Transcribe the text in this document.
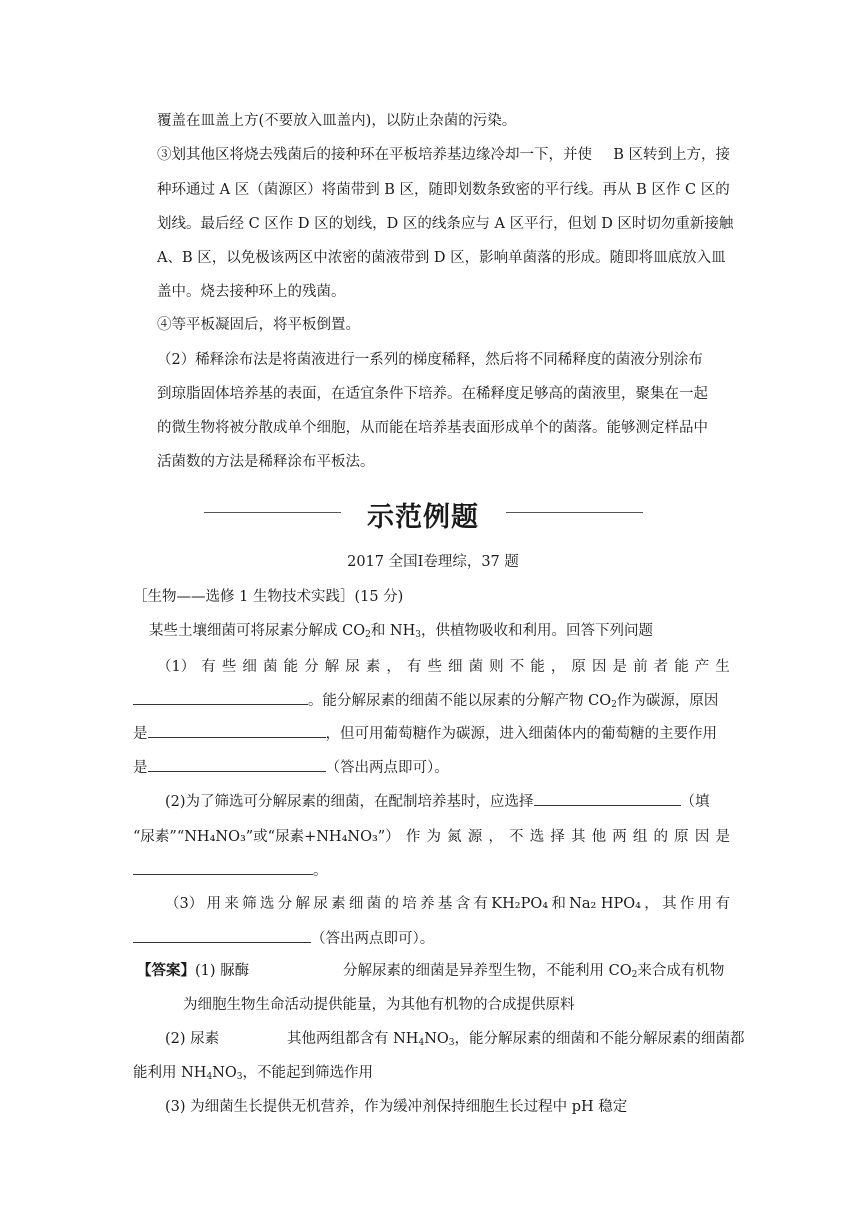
覆盖在皿盖上方(不要放入皿盖内)，以防止杂菌的污染。
③划其他区将烧去残菌后的接种环在平板培养基边缘冷却一下，并使 B 区转到上方，接
种环通过 A 区（菌源区）将菌带到 B 区，随即划数条致密的平行线。再从 B 区作 C 区的
划线。最后经 C 区作 D 区的划线，D 区的线条应与 A 区平行，但划 D 区时切勿重新接触
A、B 区，以免极该两区中浓密的菌液带到 D 区，影响单菌落的形成。随即将皿底放入皿
盖中。烧去接种环上的残菌。
④等平板凝固后，将平板倒置。
（2）稀释涂布法是将菌液进行一系列的梯度稀释，然后将不同稀释度的菌液分别涂布
到琼脂固体培养基的表面，在适宜条件下培养。在稀释度足够高的菌液里，聚集在一起
的微生物将被分散成单个细胞，从而能在培养基表面形成单个的菌落。能够测定样品中
活菌数的方法是稀释涂布平板法。
示范例题
2017 全国Ⅰ卷理综，37 题
［生物——选修 1 生物技术实践］(15 分)
某些土壤细菌可将尿素分解成 $CO_2$和 $NH_3$，供植物吸收和利用。回答下列问题
（1） 有 些 细 菌 能 分 解 尿 素 ， 有 些 细 菌 则 不 能 ， 原 因 是 前 者 能 产 生
。能分解尿素的细菌不能以尿素的分解产物 $CO_2$作为碳源，原因
是	，但可用葡萄糖作为碳源，进入细菌体内的葡萄糖的主要作用
是	（答出两点即可）。
(2)为了筛选可分解尿素的细菌，在配制培养基时，应选择	（填
“尿素”“NH₄NO₃”或“尿素+NH₄NO₃”） 作 为 氮 源 ， 不 选 择 其 他 两 组 的 原 因 是
。
（3） 用 来 筛 选 分 解 尿 素 细 菌 的 培 养 基 含 有 KH₂PO₄ 和 Na₂ HPO₄ ， 其 作 用 有
（答出两点即可）。
【答案】(1) 脲酶	分解尿素的细菌是异养型生物，不能利用 $CO_2$来合成有机物
为细胞生物生命活动提供能量，为其他有机物的合成提供原料
(2) 尿素	其他两组都含有 $NH_4NO_3$，能分解尿素的细菌和不能分解尿素的细菌都
能利用 $NH_4NO_3$，不能起到筛选作用
(3) 为细菌生长提供无机营养，作为缓冲剂保持细胞生长过程中 pH 稳定
